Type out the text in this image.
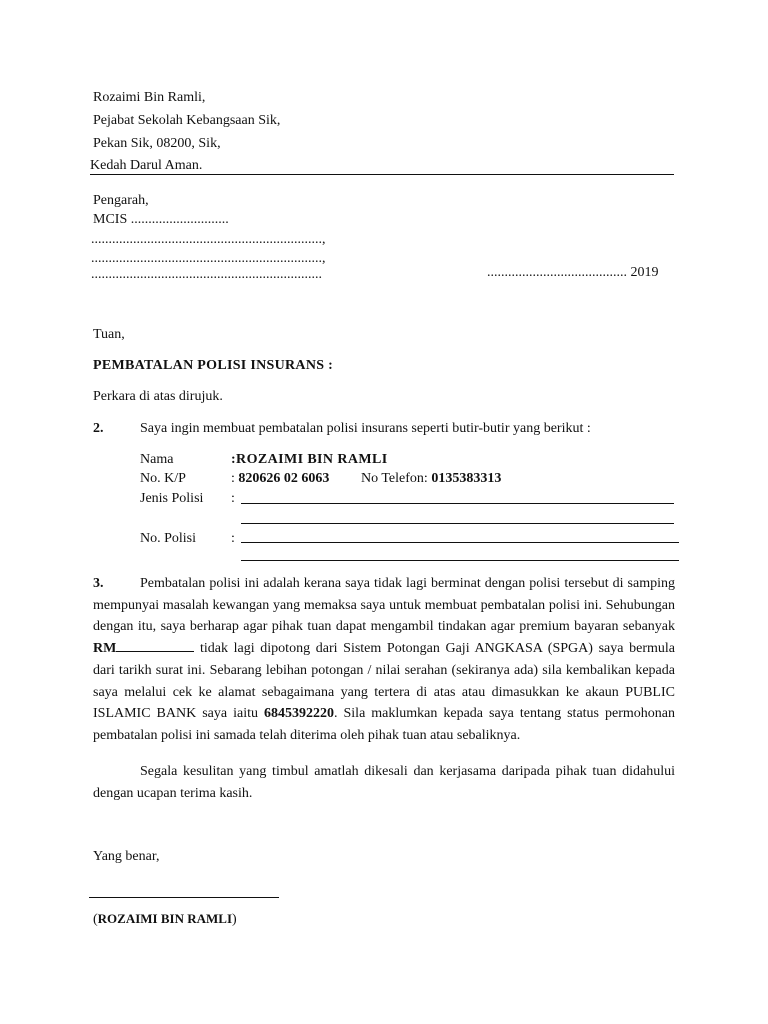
Rozaimi Bin Ramli,
Pejabat Sekolah Kebangsaan Sik,
Pekan Sik, 08200, Sik,
Kedah Darul Aman.
Pengarah,
MCIS ............................
..................................................................,
..................................................................,
..................................................................	........................................ 2019
Tuan,
PEMBATALAN POLISI INSURANS :
Perkara di atas dirujuk.
2.	Saya ingin membuat pembatalan polisi insurans seperti butir-butir yang berikut :
Nama	:ROZAIMI BIN RAMLI
No. K/P	: 820626 02 6063 No Telefon: 0135383313
Jenis Polisi :
No. Polisi :
3.	Pembatalan polisi ini adalah kerana saya tidak lagi berminat dengan polisi tersebut di samping mempunyai masalah kewangan yang memaksa saya untuk membuat pembatalan polisi ini. Sehubungan dengan itu, saya berharap agar pihak tuan dapat mengambil tindakan agar premium bayaran sebanyak RM	tidak lagi dipotong dari Sistem Potongan Gaji ANGKASA (SPGA) saya bermula dari tarikh surat ini. Sebarang lebihan potongan / nilai serahan (sekiranya ada) sila kembalikan kepada saya melalui cek ke alamat sebagaimana yang tertera di atas atau dimasukkan ke akaun PUBLIC ISLAMIC BANK saya iaitu 6845392220. Sila maklumkan kepada saya tentang status permohonan pembatalan polisi ini samada telah diterima oleh pihak tuan atau sebaliknya.
Segala kesulitan yang timbul amatlah dikesali dan kerjasama daripada pihak tuan didahului dengan ucapan terima kasih.
Yang benar,
(ROZAIMI BIN RAMLI)
